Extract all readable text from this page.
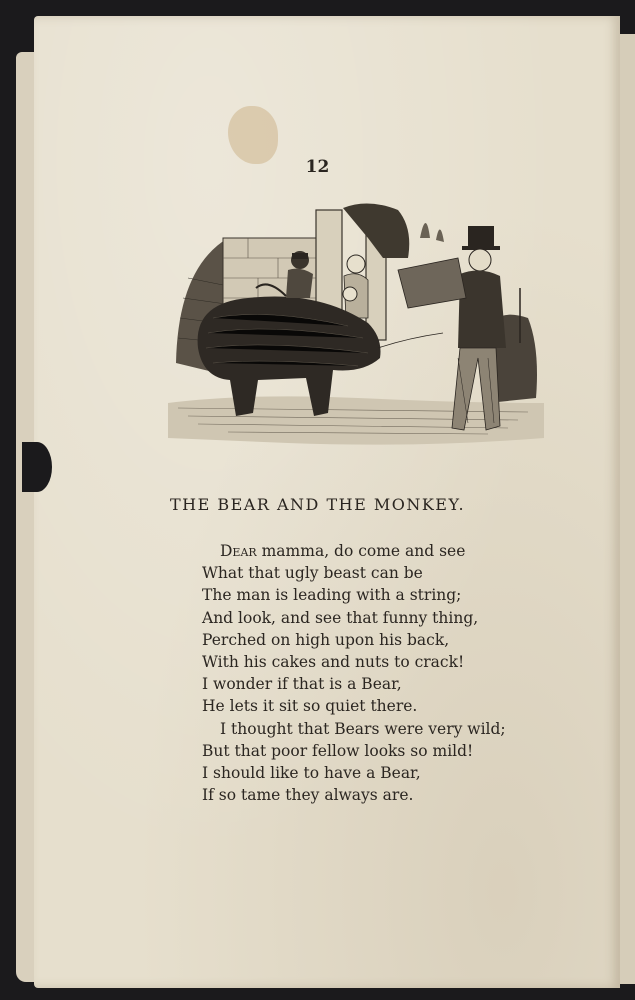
12
THE BEAR AND THE MONKEY.
Dear mamma, do come and see
What that ugly beast can be
The man is leading with a string;
And look, and see that funny thing,
Perched on high upon his back,
With his cakes and nuts to crack!
I wonder if that is a Bear,
He lets it sit so quiet there.
I thought that Bears were very wild;
But that poor fellow looks so mild!
I should like to have a Bear,
If so tame they always are.
